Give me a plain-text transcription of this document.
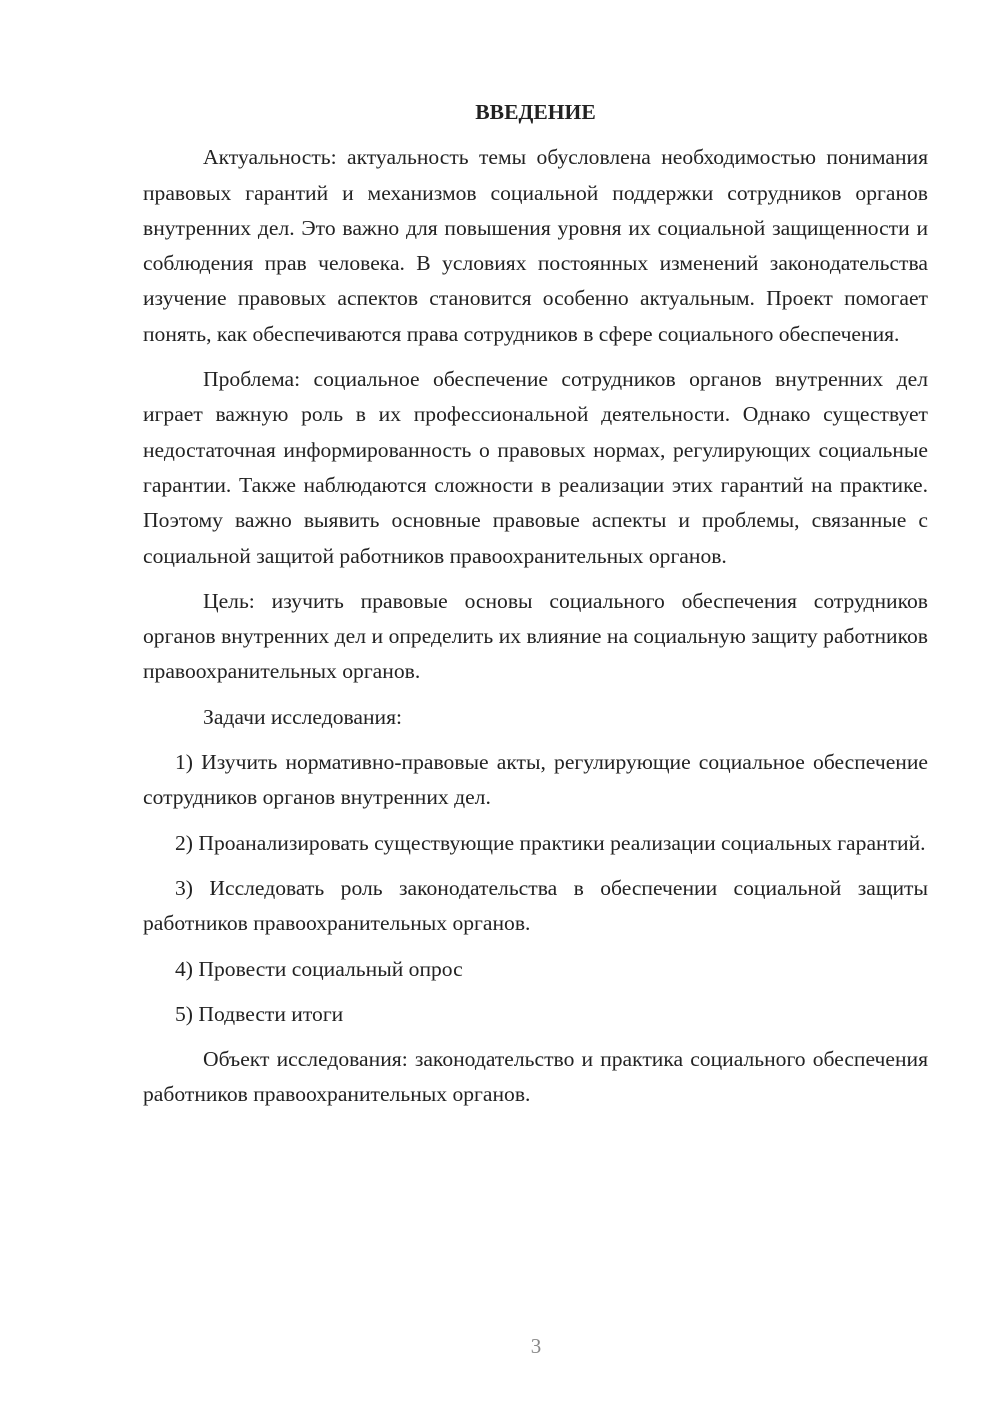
ВВЕДЕНИЕ

Актуальность: актуальность темы обусловлена необходимостью понимания правовых гарантий и механизмов социальной поддержки сотрудников органов внутренних дел. Это важно для повышения уровня их социальной защищенности и соблюдения прав человека. В условиях постоянных изменений законодательства изучение правовых аспектов становится особенно актуальным. Проект помогает понять, как обеспечиваются права сотрудников в сфере социального обеспечения.

Проблема: социальное обеспечение сотрудников органов внутренних дел играет важную роль в их профессиональной деятельности. Однако существует недостаточная информированность о правовых нормах, регулирующих социальные гарантии. Также наблюдаются сложности в реализации этих гарантий на практике. Поэтому важно выявить основные правовые аспекты и проблемы, связанные с социальной защитой работников правоохранительных органов.

Цель: изучить правовые основы социального обеспечения сотрудников органов внутренних дел и определить их влияние на социальную защиту работников правоохранительных органов.

Задачи исследования:

1) Изучить нормативно-правовые акты, регулирующие социальное обеспечение сотрудников органов внутренних дел.

2) Проанализировать существующие практики реализации социальных гарантий.

3) Исследовать роль законодательства в обеспечении социальной защиты работников правоохранительных органов.

4) Провести социальный опрос

5) Подвести итоги

Объект исследования: законодательство и практика социального обеспечения работников правоохранительных органов.

3
